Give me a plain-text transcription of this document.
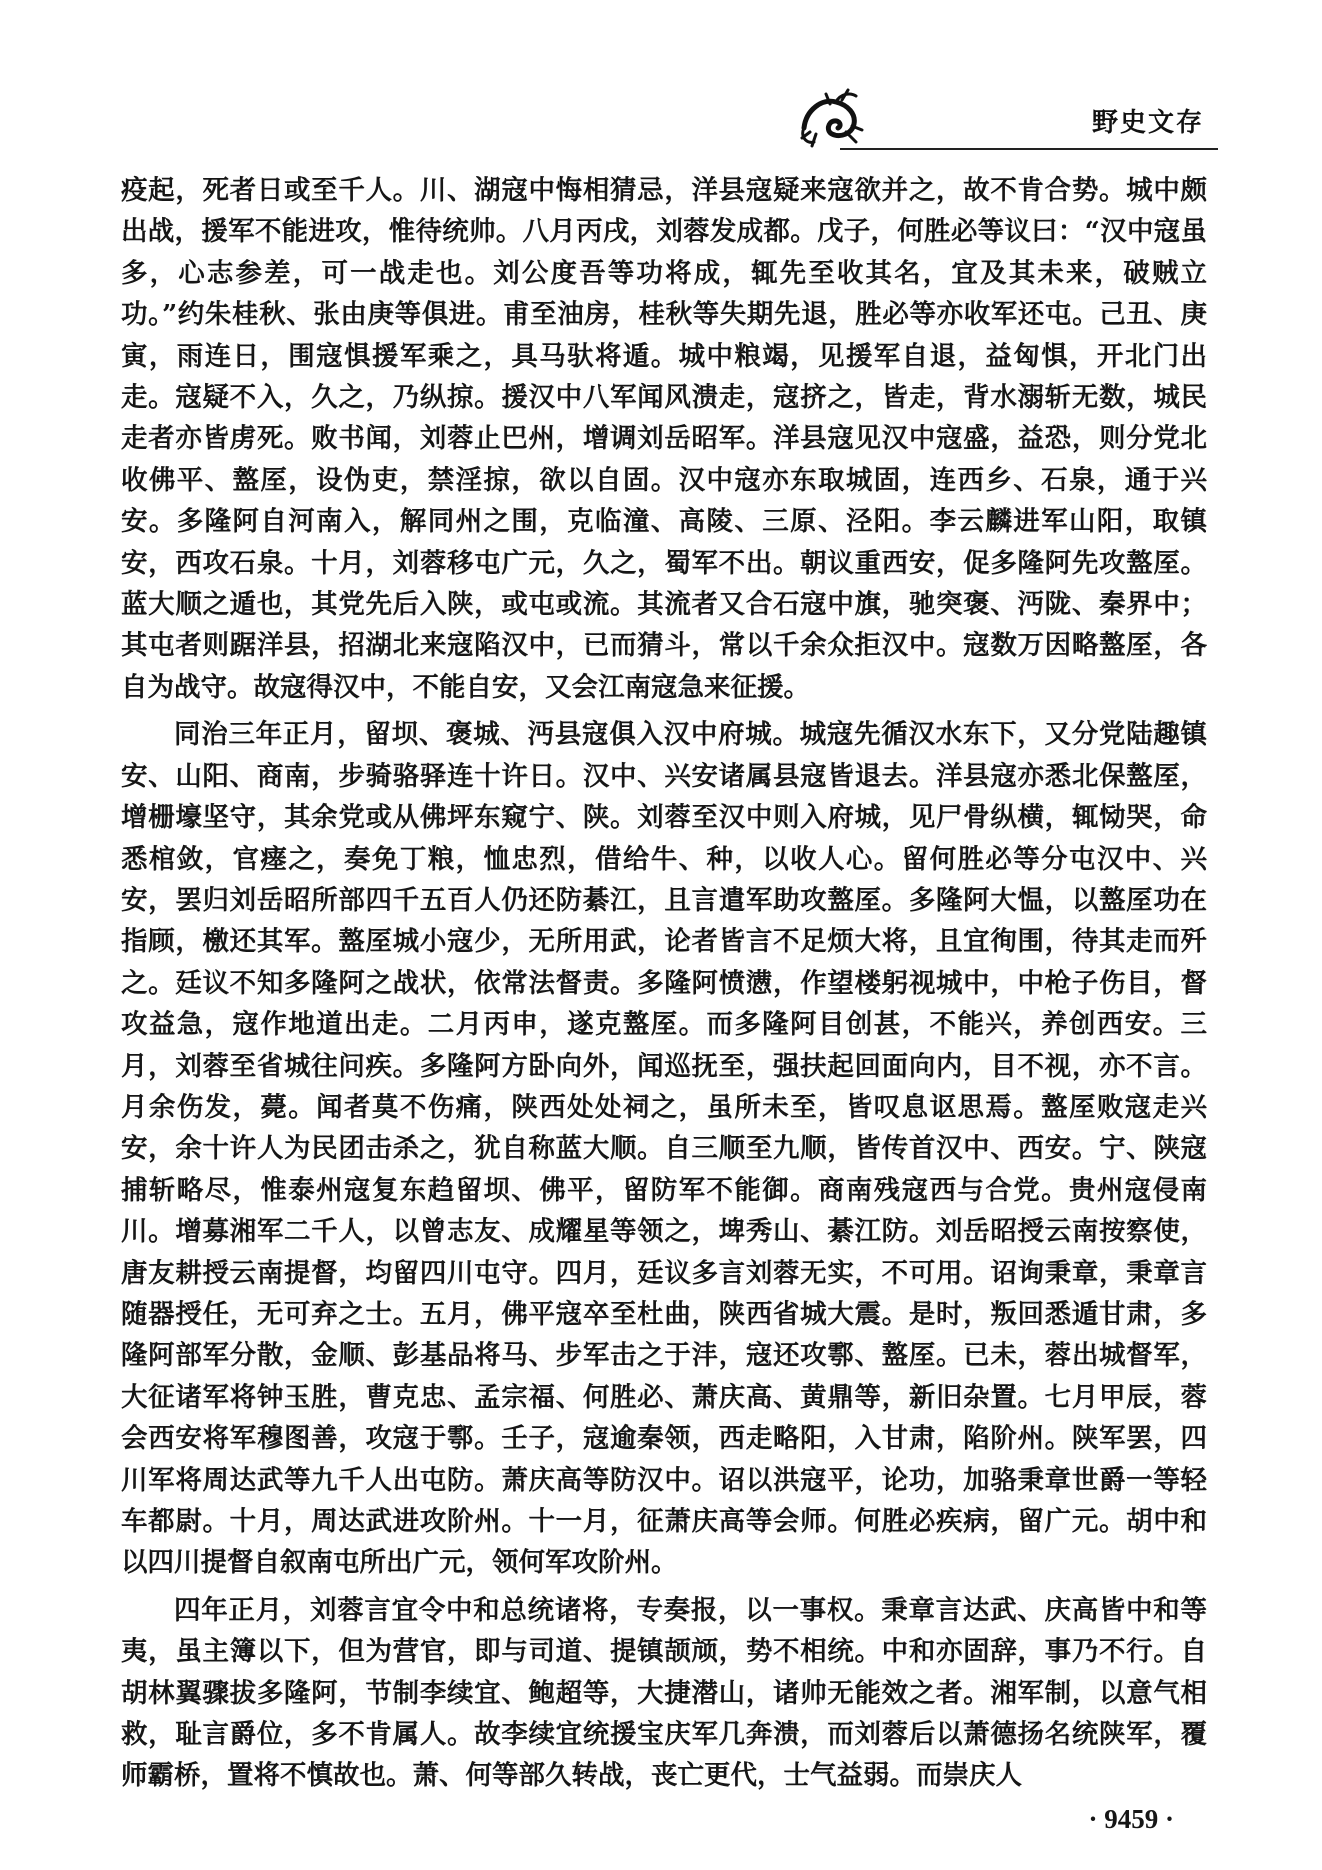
野史文存

疫起，死者日或至千人。川、湖寇中悔相猜忌，洋县寇疑来寇欲并之，故不肯合势。城中颇出战，援军不能进攻，惟待统帅。八月丙戌，刘蓉发成都。戊子，何胜必等议曰：“汉中寇虽多，心志参差，可一战走也。刘公度吾等功将成，辄先至收其名，宜及其未来，破贼立功。”约朱桂秋、张由庚等俱进。甫至油房，桂秋等失期先退，胜必等亦收军还屯。己丑、庚寅，雨连日，围寇惧援军乘之，具马驮将遁。城中粮竭，见援军自退，益匈惧，开北门出走。寇疑不入，久之，乃纵掠。援汉中八军闻风溃走，寇挤之，皆走，背水溺斩无数，城民走者亦皆虏死。败书闻，刘蓉止巴州，增调刘岳昭军。洋县寇见汉中寇盛，益恐，则分党北收佛平、盩厔，设伪吏，禁淫掠，欲以自固。汉中寇亦东取城固，连西乡、石泉，通于兴安。多隆阿自河南入，解同州之围，克临潼、高陵、三原、泾阳。李云麟进军山阳，取镇安，西攻石泉。十月，刘蓉移屯广元，久之，蜀军不出。朝议重西安，促多隆阿先攻盩厔。蓝大顺之遁也，其党先后入陕，或屯或流。其流者又合石寇中旗，驰突褒、沔陇、秦界中；其屯者则踞洋县，招湖北来寇陷汉中，已而猜斗，常以千余众拒汉中。寇数万因略盩厔，各自为战守。故寇得汉中，不能自安，又会江南寇急来征援。

同治三年正月，留坝、褒城、沔县寇俱入汉中府城。城寇先循汉水东下，又分党陆趣镇安、山阳、商南，步骑骆驿连十许日。汉中、兴安诸属县寇皆退去。洋县寇亦悉北保盩厔，增栅壕坚守，其余党或从佛坪东窥宁、陕。刘蓉至汉中则入府城，见尸骨纵横，辄恸哭，命悉棺敛，官瘗之，奏免丁粮，恤忠烈，借给牛、种，以收人心。留何胜必等分屯汉中、兴安，罢归刘岳昭所部四千五百人仍还防綦江，且言遣军助攻盩厔。多隆阿大愠，以盩厔功在指顾，檄还其军。盩厔城小寇少，无所用武，论者皆言不足烦大将，且宜徇围，待其走而歼之。廷议不知多隆阿之战状，依常法督责。多隆阿愤懑，作望楼躬视城中，中枪子伤目，督攻益急，寇作地道出走。二月丙申，遂克盩厔。而多隆阿目创甚，不能兴，养创西安。三月，刘蓉至省城往问疾。多隆阿方卧向外，闻巡抚至，强扶起回面向内，目不视，亦不言。月余伤发，薨。闻者莫不伤痛，陕西处处祠之，虽所未至，皆叹息讴思焉。盩厔败寇走兴安，余十许人为民团击杀之，犹自称蓝大顺。自三顺至九顺，皆传首汉中、西安。宁、陕寇捕斩略尽，惟泰州寇复东趋留坝、佛平，留防军不能御。商南残寇西与合党。贵州寇侵南川。增募湘军二千人，以曾志友、成耀星等领之，埤秀山、綦江防。刘岳昭授云南按察使，唐友耕授云南提督，均留四川屯守。四月，廷议多言刘蓉无实，不可用。诏询秉章，秉章言随器授任，无可弃之士。五月，佛平寇卒至杜曲，陕西省城大震。是时，叛回悉遁甘肃，多隆阿部军分散，金顺、彭基品将马、步军击之于沣，寇还攻鄠、盩厔。已未，蓉出城督军，大征诸军将钟玉胜，曹克忠、孟宗福、何胜必、萧庆高、黄鼎等，新旧杂置。七月甲辰，蓉会西安将军穆图善，攻寇于鄠。壬子，寇逾秦领，西走略阳，入甘肃，陷阶州。陕军罢，四川军将周达武等九千人出屯防。萧庆高等防汉中。诏以洪寇平，论功，加骆秉章世爵一等轻车都尉。十月，周达武进攻阶州。十一月，征萧庆高等会师。何胜必疾病，留广元。胡中和以四川提督自叙南屯所出广元，领何军攻阶州。

四年正月，刘蓉言宜令中和总统诸将，专奏报，以一事权。秉章言达武、庆高皆中和等夷，虽主簿以下，但为营官，即与司道、提镇颉颃，势不相统。中和亦固辞，事乃不行。自胡林翼骤拔多隆阿，节制李续宜、鲍超等，大捷潜山，诸帅无能效之者。湘军制，以意气相救，耻言爵位，多不肯属人。故李续宜统援宝庆军几奔溃，而刘蓉后以萧德扬名统陕军，覆师霸桥，置将不慎故也。萧、何等部久转战，丧亡更代，士气益弱。而崇庆人

· 9459 ·
